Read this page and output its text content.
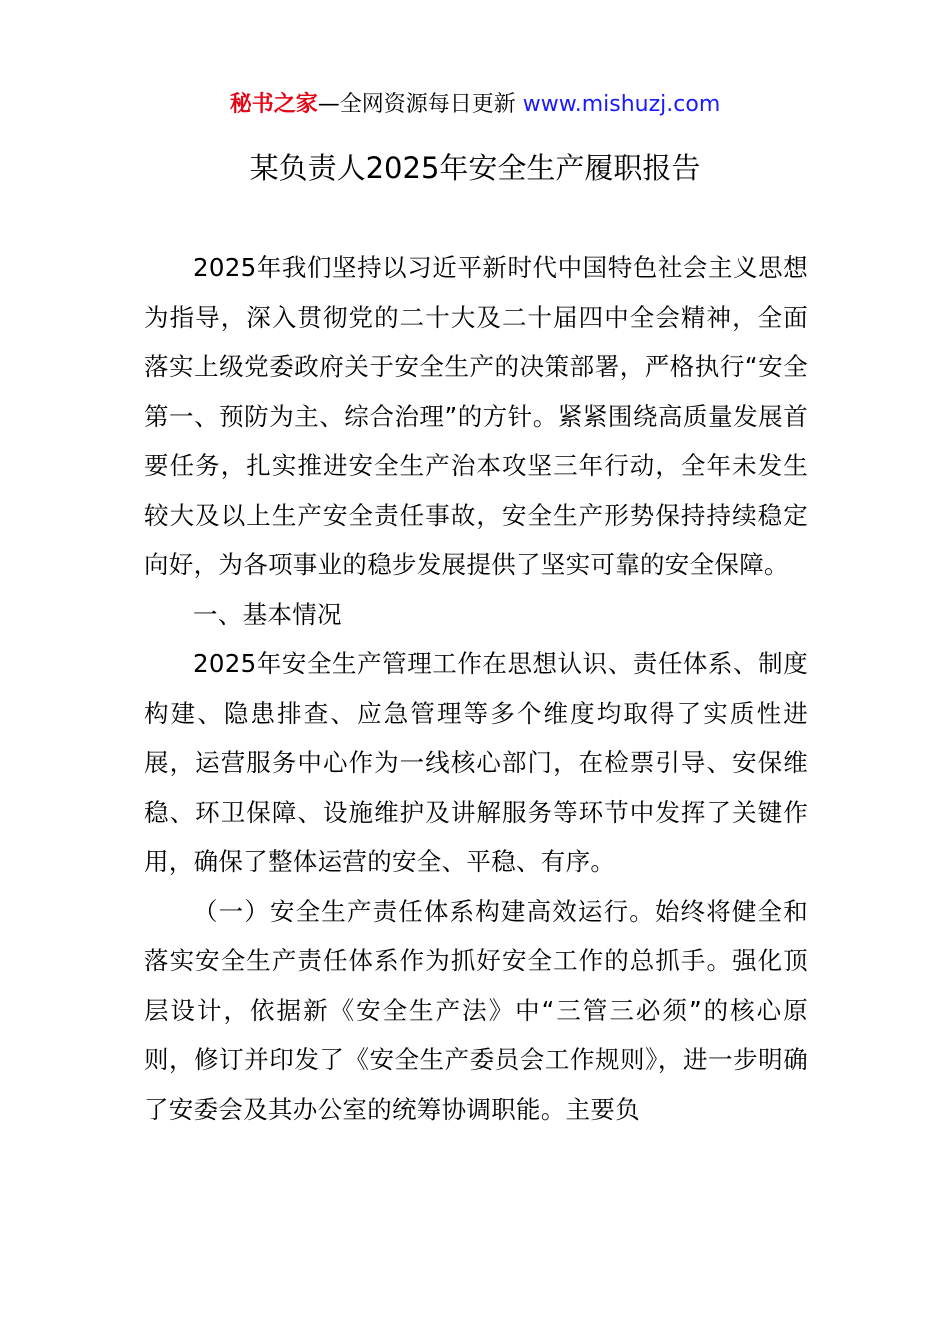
秘书之家—全网资源每日更新 www.mishuzj.com
某负责人2025年安全生产履职报告

2025年我们坚持以习近平新时代中国特色社会主义思想为指导，深入贯彻党的二十大及二十届四中全会精神，全面落实上级党委政府关于安全生产的决策部署，严格执行“安全第一、预防为主、综合治理”的方针。紧紧围绕高质量发展首要任务，扎实推进安全生产治本攻坚三年行动，全年未发生较大及以上生产安全责任事故，安全生产形势保持持续稳定向好，为各项事业的稳步发展提供了坚实可靠的安全保障。

一、基本情况

2025年安全生产管理工作在思想认识、责任体系、制度构建、隐患排查、应急管理等多个维度均取得了实质性进展，运营服务中心作为一线核心部门，在检票引导、安保维稳、环卫保障、设施维护及讲解服务等环节中发挥了关键作用，确保了整体运营的安全、平稳、有序。

（一）安全生产责任体系构建高效运行。始终将健全和落实安全生产责任体系作为抓好安全工作的总抓手。强化顶层设计，依据新《安全生产法》中“三管三必须”的核心原则，修订并印发了《安全生产委员会工作规则》，进一步明确了安委会及其办公室的统筹协调职能。主要负
